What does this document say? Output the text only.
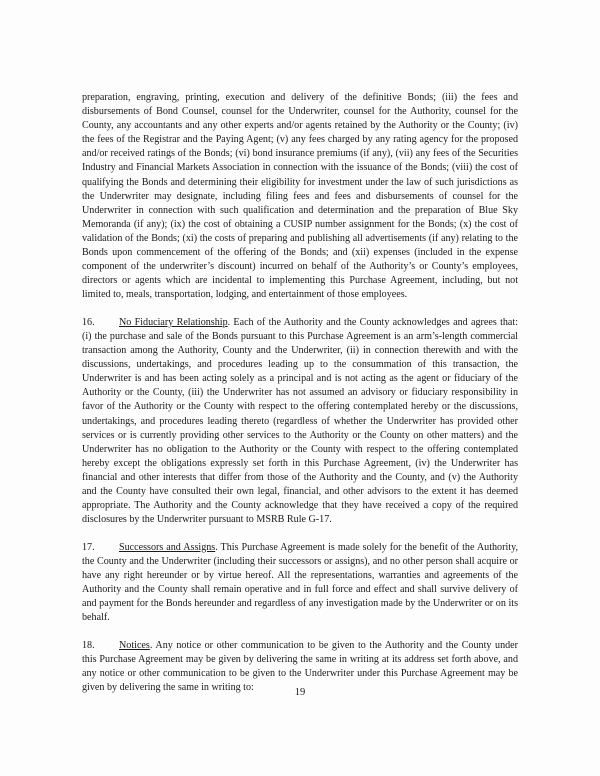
preparation, engraving, printing, execution and delivery of the definitive Bonds; (iii) the fees and disbursements of Bond Counsel, counsel for the Underwriter, counsel for the Authority, counsel for the County, any accountants and any other experts and/or agents retained by the Authority or the County; (iv) the fees of the Registrar and the Paying Agent; (v) any fees charged by any rating agency for the proposed and/or received ratings of the Bonds; (vi) bond insurance premiums (if any), (vii) any fees of the Securities Industry and Financial Markets Association in connection with the issuance of the Bonds; (viii) the cost of qualifying the Bonds and determining their eligibility for investment under the law of such jurisdictions as the Underwriter may designate, including filing fees and fees and disbursements of counsel for the Underwriter in connection with such qualification and determination and the preparation of Blue Sky Memoranda (if any); (ix) the cost of obtaining a CUSIP number assignment for the Bonds; (x) the cost of validation of the Bonds; (xi) the costs of preparing and publishing all advertisements (if any) relating to the Bonds upon commencement of the offering of the Bonds; and (xii) expenses (included in the expense component of the underwriter’s discount) incurred on behalf of the Authority’s or County’s employees, directors or agents which are incidental to implementing this Purchase Agreement, including, but not limited to, meals, transportation, lodging, and entertainment of those employees.

16. No Fiduciary Relationship. Each of the Authority and the County acknowledges and agrees that: (i) the purchase and sale of the Bonds pursuant to this Purchase Agreement is an arm’s-length commercial transaction among the Authority, County and the Underwriter, (ii) in connection therewith and with the discussions, undertakings, and procedures leading up to the consummation of this transaction, the Underwriter is and has been acting solely as a principal and is not acting as the agent or fiduciary of the Authority or the County, (iii) the Underwriter has not assumed an advisory or fiduciary responsibility in favor of the Authority or the County with respect to the offering contemplated hereby or the discussions, undertakings, and procedures leading thereto (regardless of whether the Underwriter has provided other services or is currently providing other services to the Authority or the County on other matters) and the Underwriter has no obligation to the Authority or the County with respect to the offering contemplated hereby except the obligations expressly set forth in this Purchase Agreement, (iv) the Underwriter has financial and other interests that differ from those of the Authority and the County, and (v) the Authority and the County have consulted their own legal, financial, and other advisors to the extent it has deemed appropriate. The Authority and the County acknowledge that they have received a copy of the required disclosures by the Underwriter pursuant to MSRB Rule G-17.

17. Successors and Assigns. This Purchase Agreement is made solely for the benefit of the Authority, the County and the Underwriter (including their successors or assigns), and no other person shall acquire or have any right hereunder or by virtue hereof. All the representations, warranties and agreements of the Authority and the County shall remain operative and in full force and effect and shall survive delivery of and payment for the Bonds hereunder and regardless of any investigation made by the Underwriter or on its behalf.

18. Notices. Any notice or other communication to be given to the Authority and the County under this Purchase Agreement may be given by delivering the same in writing at its address set forth above, and any notice or other communication to be given to the Underwriter under this Purchase Agreement may be given by delivering the same in writing to:	19
